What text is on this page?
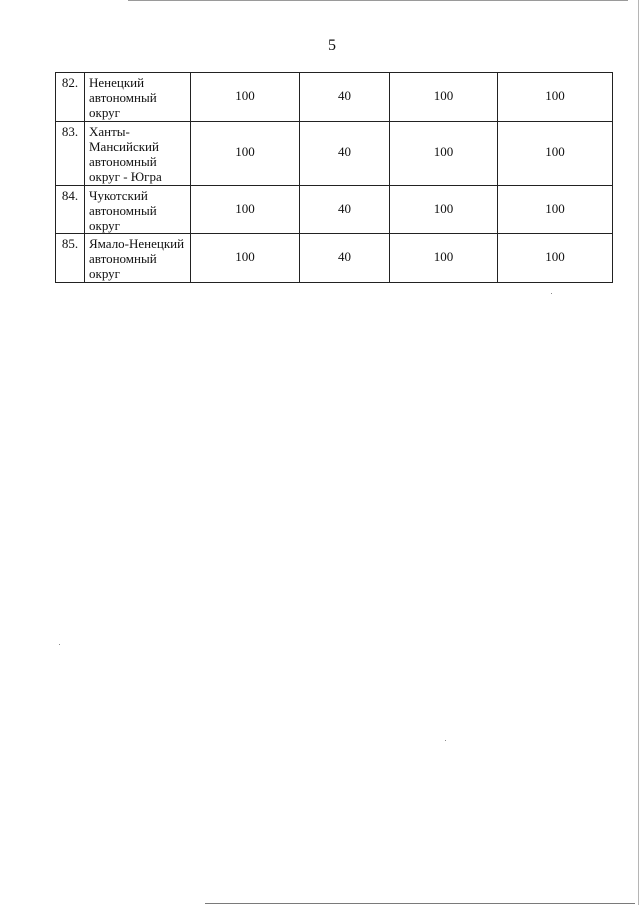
5
82.	Ненецкий автономный округ	100	40	100	100
83.	Ханты-Мансийский автономный округ - Югра	100	40	100	100
84.	Чукотский автономный округ	100	40	100	100
85.	Ямало-Ненецкий автономный округ	100	40	100	100
